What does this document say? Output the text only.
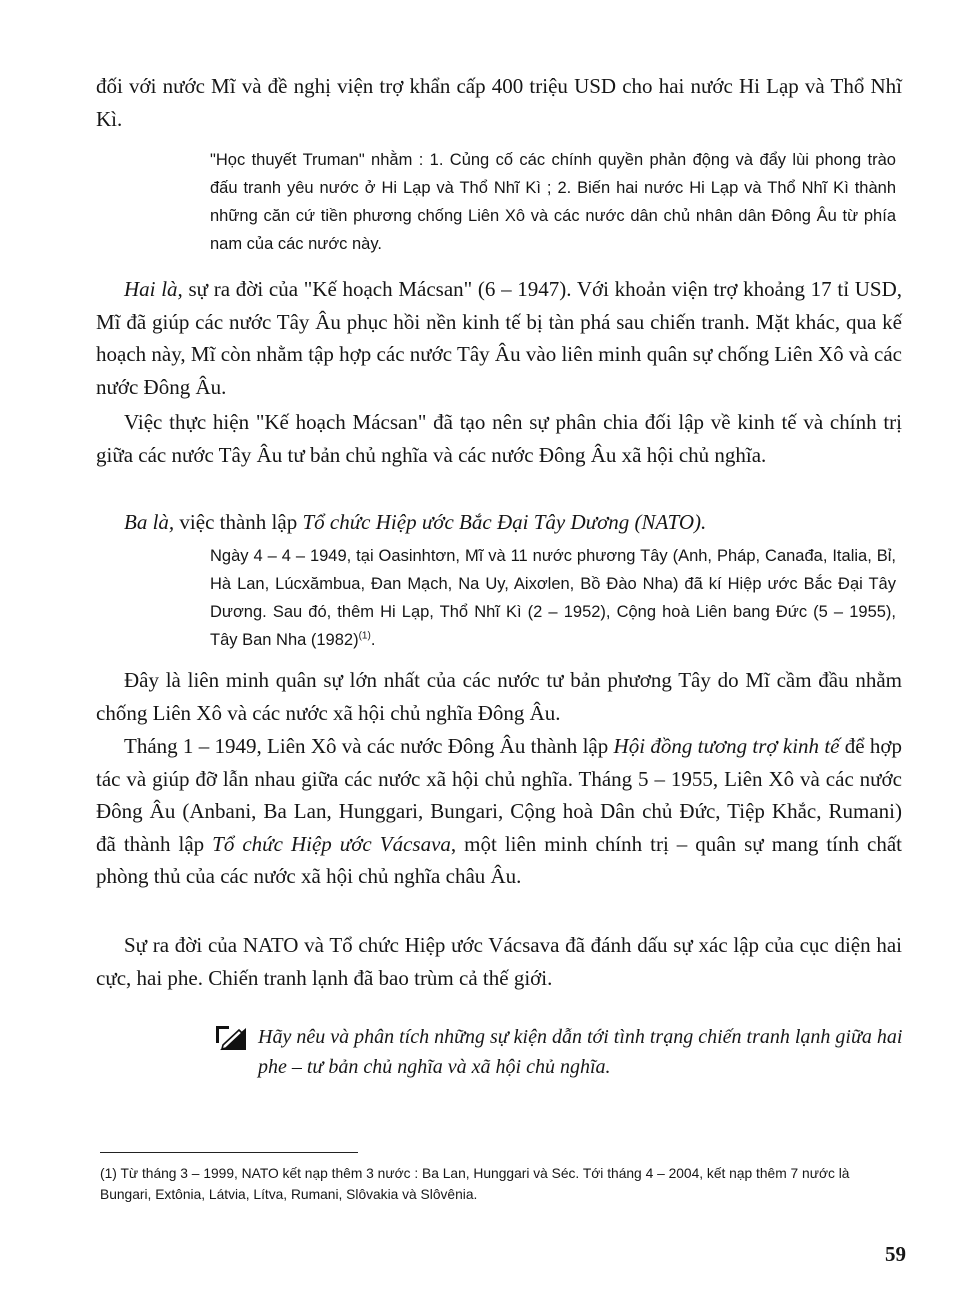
đối với nước Mĩ và đề nghị viện trợ khẩn cấp 400 triệu USD cho hai nước Hi Lạp và Thổ Nhĩ Kì.

"Học thuyết Truman" nhằm : 1. Củng cố các chính quyền phản động và đẩy lùi phong trào đấu tranh yêu nước ở Hi Lạp và Thổ Nhĩ Kì ; 2. Biến hai nước Hi Lạp và Thổ Nhĩ Kì thành những căn cứ tiền phương chống Liên Xô và các nước dân chủ nhân dân Đông Âu từ phía nam của các nước này.

Hai là, sự ra đời của "Kế hoạch Mácsan" (6 – 1947). Với khoản viện trợ khoảng 17 tỉ USD, Mĩ đã giúp các nước Tây Âu phục hồi nền kinh tế bị tàn phá sau chiến tranh. Mặt khác, qua kế hoạch này, Mĩ còn nhằm tập hợp các nước Tây Âu vào liên minh quân sự chống Liên Xô và các nước Đông Âu.

Việc thực hiện "Kế hoạch Mácsan" đã tạo nên sự phân chia đối lập về kinh tế và chính trị giữa các nước Tây Âu tư bản chủ nghĩa và các nước Đông Âu xã hội chủ nghĩa.

Ba là, việc thành lập Tổ chức Hiệp ước Bắc Đại Tây Dương (NATO).

Ngày 4 – 4 – 1949, tại Oasinhtơn, Mĩ và 11 nước phương Tây (Anh, Pháp, Canađa, Italia, Bỉ, Hà Lan, Lúcxămbua, Đan Mạch, Na Uy, Aixơlen, Bồ Đào Nha) đã kí Hiệp ước Bắc Đại Tây Dương. Sau đó, thêm Hi Lạp, Thổ Nhĩ Kì (2 – 1952), Cộng hoà Liên bang Đức (5 – 1955), Tây Ban Nha $(1982)^{(1)}$.

Đây là liên minh quân sự lớn nhất của các nước tư bản phương Tây do Mĩ cầm đầu nhằm chống Liên Xô và các nước xã hội chủ nghĩa Đông Âu.

Tháng 1 – 1949, Liên Xô và các nước Đông Âu thành lập Hội đồng tương trợ kinh tế để hợp tác và giúp đỡ lẫn nhau giữa các nước xã hội chủ nghĩa. Tháng 5 – 1955, Liên Xô và các nước Đông Âu (Anbani, Ba Lan, Hunggari, Bungari, Cộng hoà Dân chủ Đức, Tiệp Khắc, Rumani) đã thành lập Tổ chức Hiệp ước Vácsava, một liên minh chính trị – quân sự mang tính chất phòng thủ của các nước xã hội chủ nghĩa châu Âu.

Sự ra đời của NATO và Tổ chức Hiệp ước Vácsava đã đánh dấu sự xác lập của cục diện hai cực, hai phe. Chiến tranh lạnh đã bao trùm cả thế giới.

Hãy nêu và phân tích những sự kiện dẫn tới tình trạng chiến tranh lạnh giữa hai phe – tư bản chủ nghĩa và xã hội chủ nghĩa.

(1) Từ tháng 3 – 1999, NATO kết nạp thêm 3 nước : Ba Lan, Hunggari và Séc. Tới tháng 4 – 2004, kết nạp thêm 7 nước là Bungari, Extônia, Látvia, Lítva, Rumani, Slôvakia và Slôvênia.

59
